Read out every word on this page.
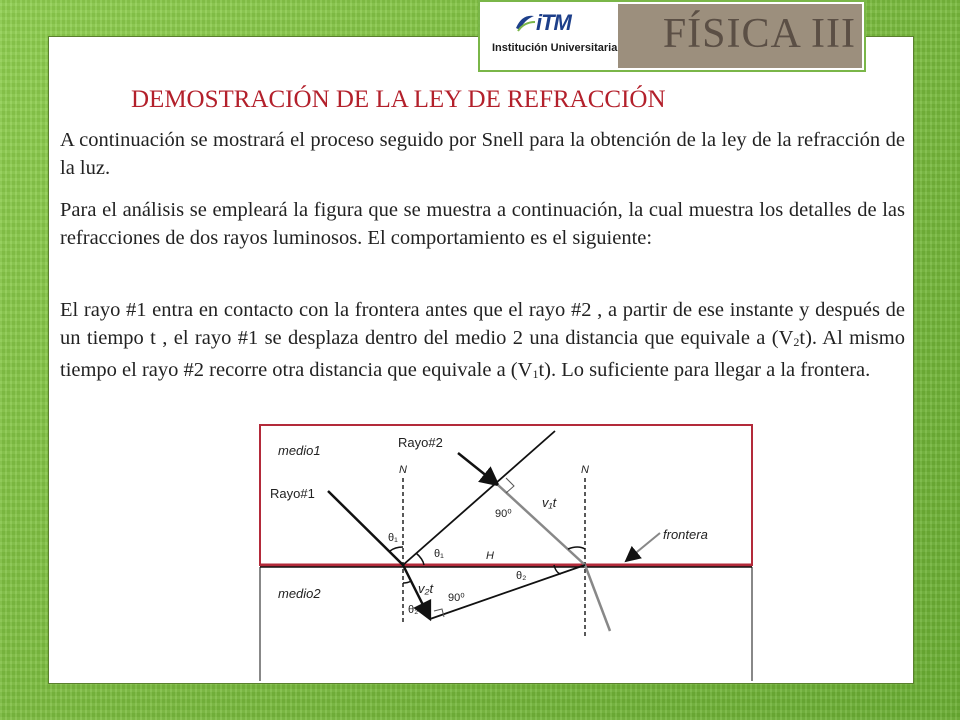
iTM
Institución Universitaria FÍSICA III
DEMOSTRACIÓN DE LA LEY DE REFRACCIÓN
A continuación se mostrará el proceso seguido por Snell para la obtención de la ley de la refracción de la luz.
Para el análisis se empleará la figura que se muestra a continuación, la cual muestra los detalles de las refracciones de dos rayos luminosos. El comportamiento es el siguiente:
El rayo #1 entra en contacto con la frontera antes que el rayo #2 , a partir de ese instante y después de un tiempo t , el rayo #1 se desplaza dentro del medio 2 una distancia que equivale a $(V_2t)$. Al mismo tiempo el rayo #2 recorre otra distancia que equivale a $(V_1t)$. Lo suficiente para llegar a la frontera.
medio1
medio2
Rayo#2
Rayo#1
N	N
frontera
v₁t
v₂t
θ₁
θ₁
θ₂
θ₂
H
90⁰
90⁰
